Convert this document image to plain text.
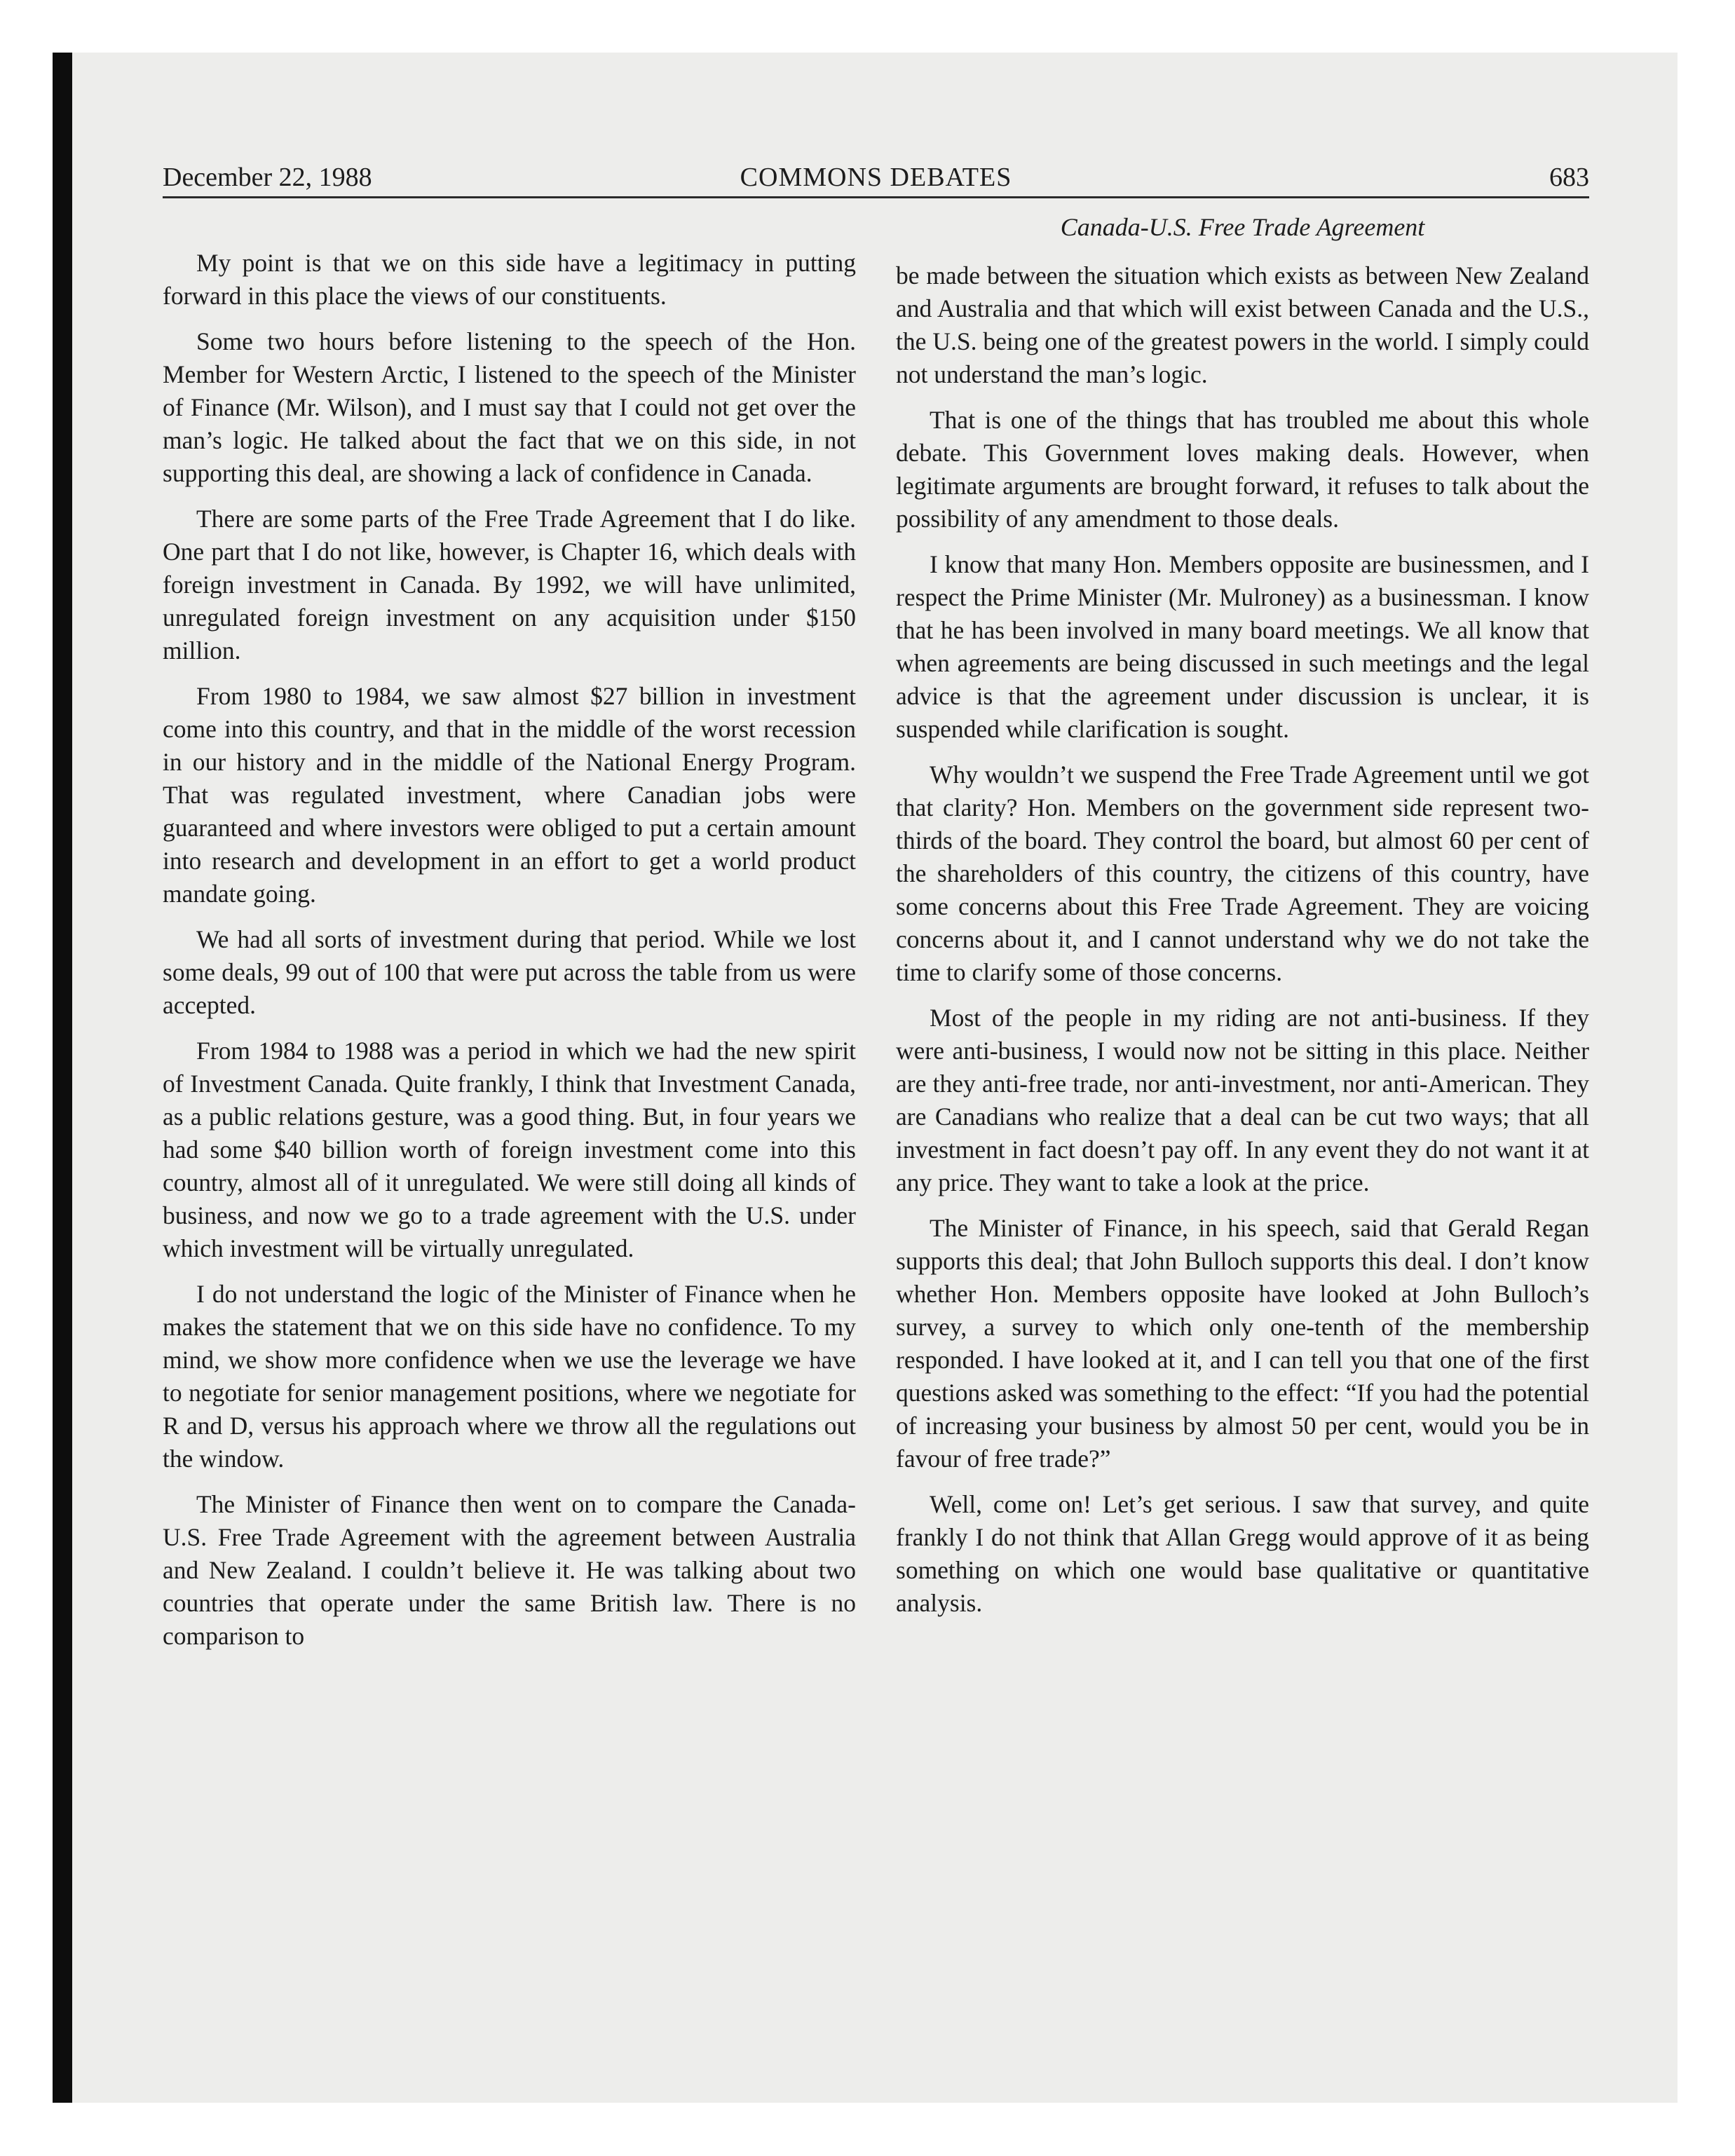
December 22, 1988	COMMONS DEBATES	683
Canada-U.S. Free Trade Agreement

My point is that we on this side have a legitimacy in putting forward in this place the views of our constituents.

Some two hours before listening to the speech of the Hon. Member for Western Arctic, I listened to the speech of the Minister of Finance (Mr. Wilson), and I must say that I could not get over the man’s logic. He talked about the fact that we on this side, in not supporting this deal, are showing a lack of confidence in Canada.

There are some parts of the Free Trade Agreement that I do like. One part that I do not like, however, is Chapter 16, which deals with foreign investment in Canada. By 1992, we will have unlimited, unregulated foreign investment on any acquisition under $150 million.

From 1980 to 1984, we saw almost $27 billion in investment come into this country, and that in the middle of the worst recession in our history and in the middle of the National Energy Program. That was regulated investment, where Canadian jobs were guaranteed and where investors were obliged to put a certain amount into research and development in an effort to get a world product mandate going.

We had all sorts of investment during that period. While we lost some deals, 99 out of 100 that were put across the table from us were accepted.

From 1984 to 1988 was a period in which we had the new spirit of Investment Canada. Quite frankly, I think that Investment Canada, as a public relations gesture, was a good thing. But, in four years we had some $40 billion worth of foreign investment come into this country, almost all of it unregulated. We were still doing all kinds of business, and now we go to a trade agreement with the U.S. under which investment will be virtually unregulated.

I do not understand the logic of the Minister of Finance when he makes the statement that we on this side have no confidence. To my mind, we show more confidence when we use the leverage we have to negotiate for senior management positions, where we negotiate for R and D, versus his approach where we throw all the regulations out the window.

The Minister of Finance then went on to compare the Canada-U.S. Free Trade Agreement with the agreement between Australia and New Zealand. I couldn’t believe it. He was talking about two countries that operate under the same British law. There is no comparison to

be made between the situation which exists as between New Zealand and Australia and that which will exist between Canada and the U.S., the U.S. being one of the greatest powers in the world. I simply could not understand the man’s logic.

That is one of the things that has troubled me about this whole debate. This Government loves making deals. However, when legitimate arguments are brought forward, it refuses to talk about the possibility of any amendment to those deals.

I know that many Hon. Members opposite are businessmen, and I respect the Prime Minister (Mr. Mulroney) as a businessman. I know that he has been involved in many board meetings. We all know that when agreements are being discussed in such meetings and the legal advice is that the agreement under discussion is unclear, it is suspended while clarification is sought.

Why wouldn’t we suspend the Free Trade Agreement until we got that clarity? Hon. Members on the government side represent two-thirds of the board. They control the board, but almost 60 per cent of the shareholders of this country, the citizens of this country, have some concerns about this Free Trade Agreement. They are voicing concerns about it, and I cannot understand why we do not take the time to clarify some of those concerns.

Most of the people in my riding are not anti-business. If they were anti-business, I would now not be sitting in this place. Neither are they anti-free trade, nor anti-investment, nor anti-American. They are Canadians who realize that a deal can be cut two ways; that all investment in fact doesn’t pay off. In any event they do not want it at any price. They want to take a look at the price.

The Minister of Finance, in his speech, said that Gerald Regan supports this deal; that John Bulloch supports this deal. I don’t know whether Hon. Members opposite have looked at John Bulloch’s survey, a survey to which only one-tenth of the membership responded. I have looked at it, and I can tell you that one of the first questions asked was something to the effect: “If you had the potential of increasing your business by almost 50 per cent, would you be in favour of free trade?”

Well, come on! Let’s get serious. I saw that survey, and quite frankly I do not think that Allan Gregg would approve of it as being something on which one would base qualitative or quantitative analysis.
